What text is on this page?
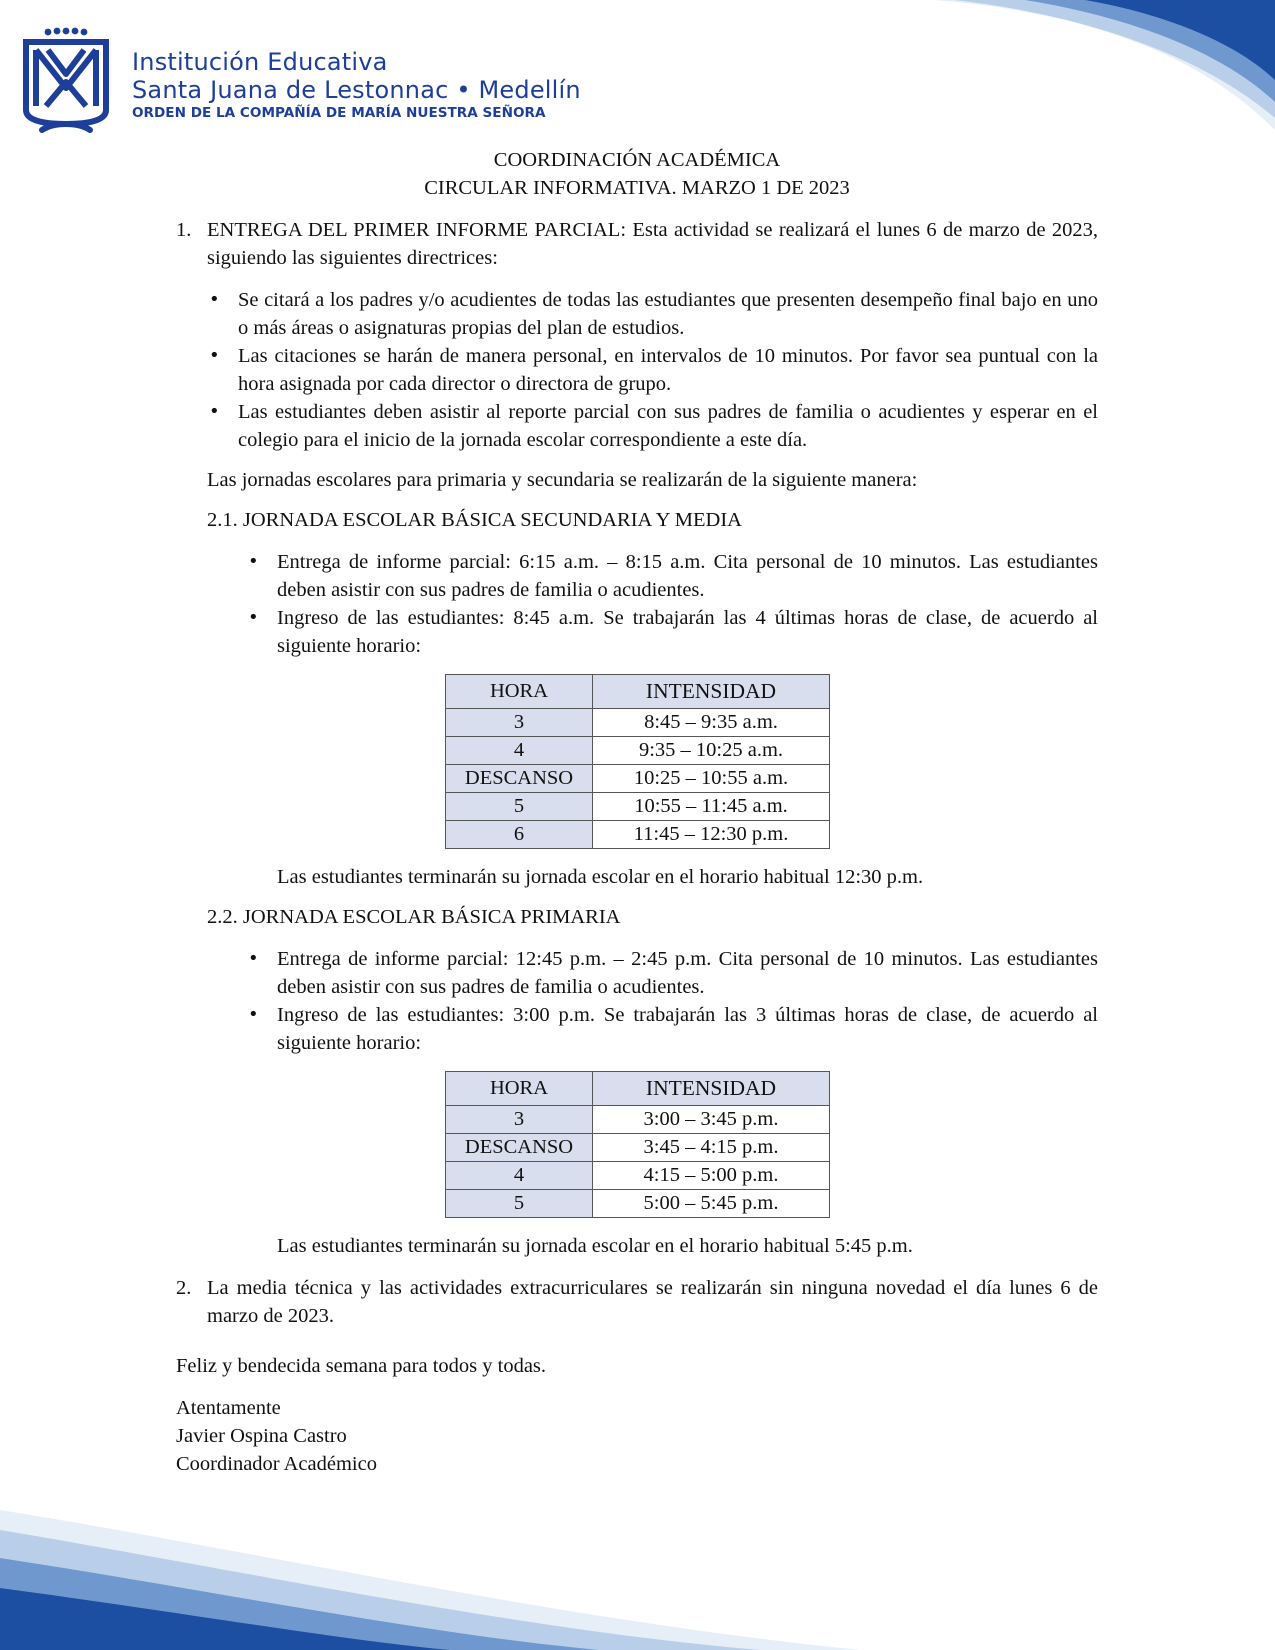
Institución Educativa
Santa Juana de Lestonnac • Medellín
ORDEN DE LA COMPAÑÍA DE MARÍA NUESTRA SEÑORA
COORDINACIÓN ACADÉMICA
CIRCULAR INFORMATIVA. MARZO 1 DE 2023
1. ENTREGA DEL PRIMER INFORME PARCIAL: Esta actividad se realizará el lunes 6 de marzo de 2023, siguiendo las siguientes directrices:
• Se citará a los padres y/o acudientes de todas las estudiantes que presenten desempeño final bajo en uno o más áreas o asignaturas propias del plan de estudios.
• Las citaciones se harán de manera personal, en intervalos de 10 minutos. Por favor sea puntual con la hora asignada por cada director o directora de grupo.
• Las estudiantes deben asistir al reporte parcial con sus padres de familia o acudientes y esperar en el colegio para el inicio de la jornada escolar correspondiente a este día.
Las jornadas escolares para primaria y secundaria se realizarán de la siguiente manera:
2.1. JORNADA ESCOLAR BÁSICA SECUNDARIA Y MEDIA
• Entrega de informe parcial: 6:15 a.m. – 8:15 a.m. Cita personal de 10 minutos. Las estudiantes deben asistir con sus padres de familia o acudientes.
• Ingreso de las estudiantes: 8:45 a.m. Se trabajarán las 4 últimas horas de clase, de acuerdo al siguiente horario:
HORA	INTENSIDAD
3	8:45 – 9:35 a.m.
4	9:35 – 10:25 a.m.
DESCANSO	10:25 – 10:55 a.m.
5	10:55 – 11:45 a.m.
6	11:45 – 12:30 p.m.
Las estudiantes terminarán su jornada escolar en el horario habitual 12:30 p.m.
2.2. JORNADA ESCOLAR BÁSICA PRIMARIA
• Entrega de informe parcial: 12:45 p.m. – 2:45 p.m. Cita personal de 10 minutos. Las estudiantes deben asistir con sus padres de familia o acudientes.
• Ingreso de las estudiantes: 3:00 p.m. Se trabajarán las 3 últimas horas de clase, de acuerdo al siguiente horario:
HORA	INTENSIDAD
3	3:00 – 3:45 p.m.
DESCANSO	3:45 – 4:15 p.m.
4	4:15 – 5:00 p.m.
5	5:00 – 5:45 p.m.
Las estudiantes terminarán su jornada escolar en el horario habitual 5:45 p.m.
2. La media técnica y las actividades extracurriculares se realizarán sin ninguna novedad el día lunes 6 de marzo de 2023.
Feliz y bendecida semana para todos y todas.
Atentamente
Javier Ospina Castro
Coordinador Académico
